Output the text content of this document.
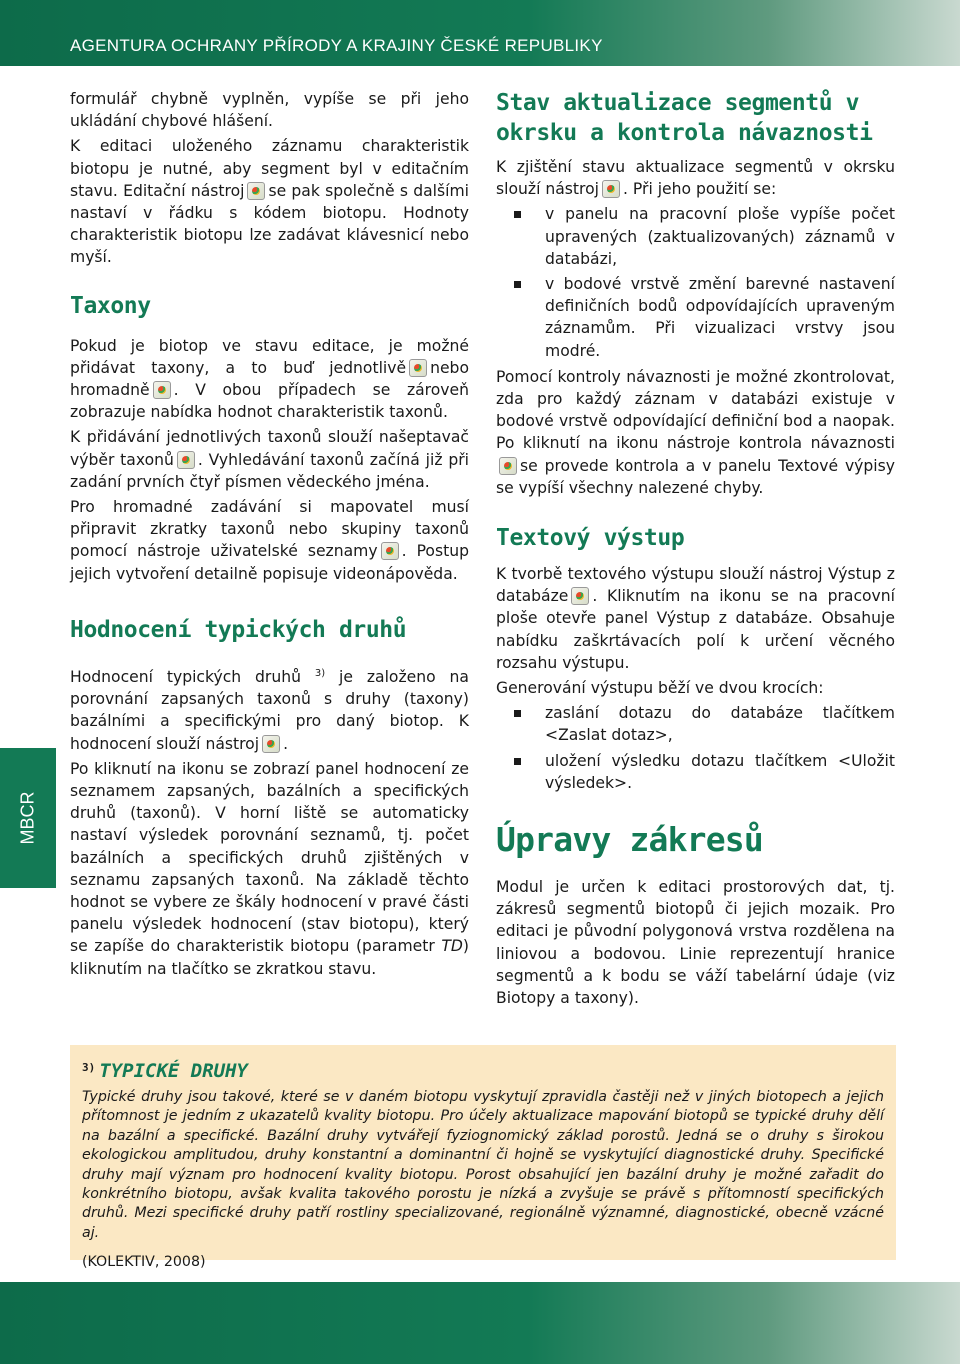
AGENTURA OCHRANY PŘÍRODY A KRAJINY ČESKÉ REPUBLIKY
MBCR

formulář chybně vyplněn, vypíše se při jeho ukládání chybové hlášení.

K editaci uloženého záznamu charakteristik biotopu je nutné, aby segment byl v editačním stavu. Editační nástroj se pak společně s dalšími nastaví v řádku s kódem biotopu. Hodnoty charakteristik biotopu lze zadávat klávesnicí nebo myší.

Taxony

Pokud je biotop ve stavu editace, je možné přidávat taxony, a to buď jednotlivě nebo hromadně . V obou případech se zároveň zobrazuje nabídka hodnot charakteristik taxonů.

K přidávání jednotlivých taxonů slouží našeptavač výběr taxonů . Vyhledávání taxonů začíná již při zadání prvních čtyř písmen vědeckého jména.

Pro hromadné zadávání si mapovatel musí připravit zkratky taxonů nebo skupiny taxonů pomocí nástroje uživatelské seznamy . Postup jejich vytvoření detailně popisuje videonápověda.

Hodnocení typických druhů

Hodnocení typických druhů $^{3)}$ je založeno na porovnání zapsaných taxonů s druhy (taxony) bazálními a specifickými pro daný biotop. K hodnocení slouží nástroj .

Po kliknutí na ikonu se zobrazí panel hodnocení ze seznamem zapsaných, bazálních a specifických druhů (taxonů). V horní liště se automaticky nastaví výsledek porovnání seznamů, tj. počet bazálních a specifických druhů zjištěných v seznamu zapsaných taxonů. Na základě těchto hodnot se vybere ze škály hodnocení v pravé části panelu výsledek hodnocení (stav biotopu), který se zapíše do charakteristik biotopu (parametr TD) kliknutím na tlačítko se zkratkou stavu.

Stav aktualizace segmentů v okrsku a kontrola návaznosti

K zjištění stavu aktualizace segmentů v okrsku slouží nástroj . Při jeho použití se:

v panelu na pracovní ploše vypíše počet upravených (zaktualizovaných) záznamů v databázi,
v bodové vrstvě změní barevné nastavení definičních bodů odpovídajících upraveným záznamům. Při vizualizaci vrstvy jsou modré.

Pomocí kontroly návaznosti je možné zkontrolovat, zda pro každý záznam v databázi existuje v bodové vrstvě odpovídající definiční bod a naopak. Po kliknutí na ikonu nástroje kontrola návaznostise provede kontrola a v panelu Textové výpisy se vypíší všechny nalezené chyby.

Textový výstup

K tvorbě textového výstupu slouží nástroj Výstup z databáze . Kliknutím na ikonu se na pracovní ploše otevře panel Výstup z databáze. Obsahuje nabídku zaškrtávacích polí k určení věcného rozsahu výstupu.

Generování výstupu běží ve dvou krocích:

zaslání dotazu do databáze tlačítkem <Zaslat dotaz>,
uložení výsledku dotazu tlačítkem <Uložit výsledek>.
Úpravy zákresů

Modul je určen k editaci prostorových dat, tj. zákresů segmentů biotopů či jejich mozaik. Pro editaci je původní polygonová vrstva rozdělena na liniovou a bodovou. Linie reprezentují hranice segmentů a k bodu se váží tabelární údaje (viz Biotopy a taxony).

$^{3)}$ TYPICKÉ DRUHY

Typické druhy jsou takové, které se v daném biotopu vyskytují zpravidla častěji než v jiných biotopech a jejich přítomnost je jedním z ukazatelů kvality biotopu. Pro účely aktualizace mapování biotopů se typické druhy dělí na bazální a specifické. Bazální druhy vytvářejí fyziognomický základ porostů. Jedná se o druhy s širokou ekologickou amplitudou, druhy konstantní a dominantní či hojně se vyskytující diagnostické druhy. Specifické druhy mají význam pro hodnocení kvality biotopu. Porost obsahující jen bazální druhy je možné zařadit do konkrétního biotopu, avšak kvalita takového porostu je nízká a zvyšuje se právě s přítomností specifických druhů. Mezi specifické druhy patří rostliny specializované, regionálně významné, diagnostické, obecně vzácné aj.

(KOLEKTIV, 2008)
